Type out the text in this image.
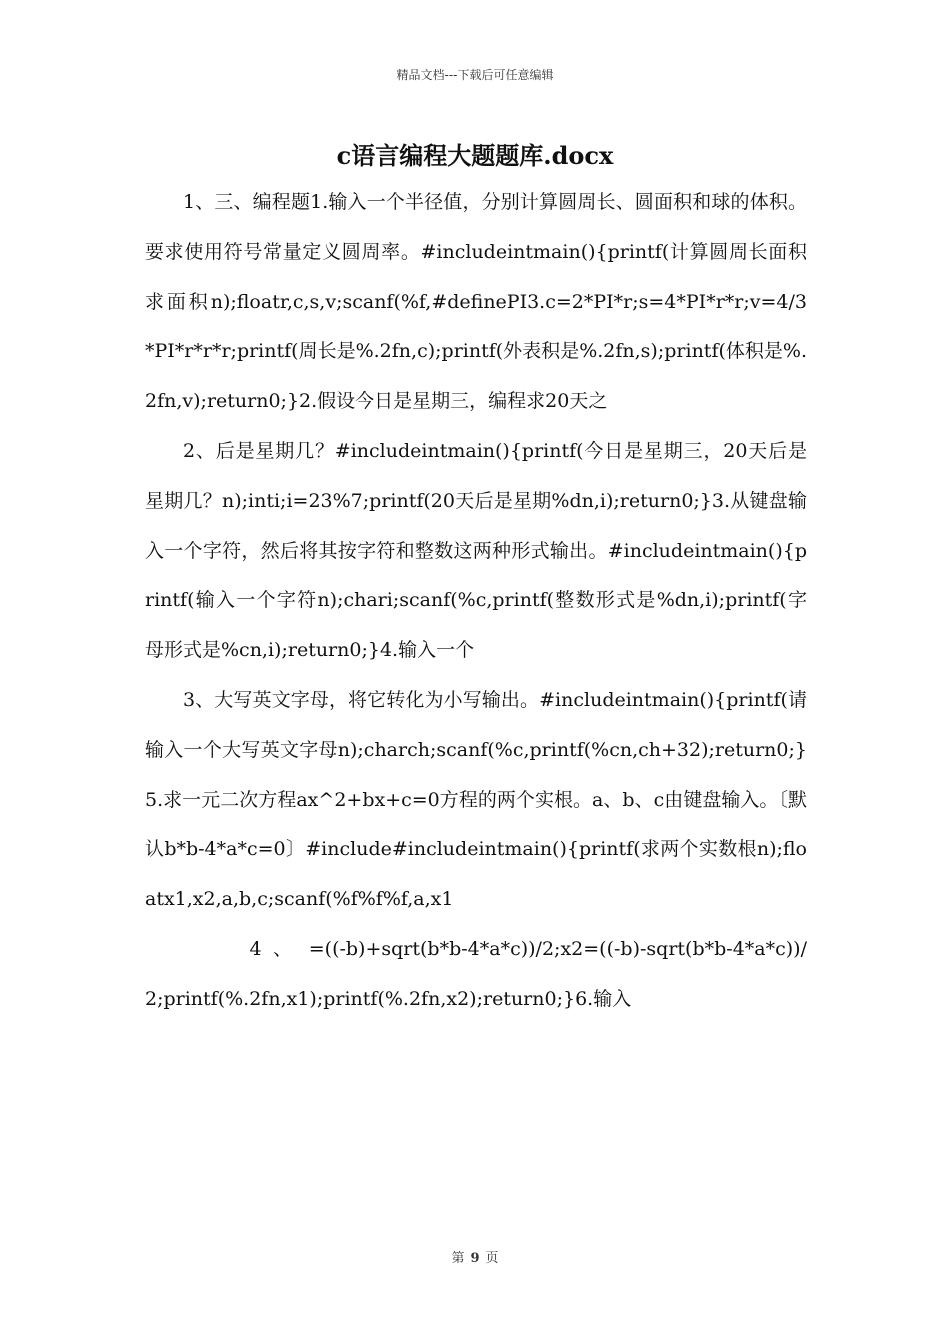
精品文档---下载后可任意编辑
c语言编程大题题库.docx

1、三、编程题1.输入一个半径值，分别计算圆周长、圆面积和球的体积。要求使用符号常量定义圆周率。#includeintmain(){printf(计算圆周长面积求面积n);floatr,c,s,v;scanf(%f,#definePI3.c=2*PI*r;s=4*PI*r*r;v=4/3*PI*r*r*r;printf(周长是%.2fn,c);printf(外表积是%.2fn,s);printf(体积是%.2fn,v);return0;}2.假设今日是星期三，编程求20天之

2、后是星期几？#includeintmain(){printf(今日是星期三，20天后是星期几？n);inti;i=23%7;printf(20天后是星期%dn,i);return0;}3.从键盘输入一个字符，然后将其按字符和整数这两种形式输出。#includeintmain(){printf(输入一个字符n);chari;scanf(%c,printf(整数形式是%dn,i);printf(字母形式是%cn,i);return0;}4.输入一个

3、大写英文字母，将它转化为小写输出。#includeintmain(){printf(请输入一个大写英文字母n);charch;scanf(%c,printf(%cn,ch+32);return0;}5.求一元二次方程ax^2+bx+c=0方程的两个实根。a、b、c由键盘输入。〔默认b*b-4*a*c=0〕#include#includeintmain(){printf(求两个实数根n);floatx1,x2,a,b,c;scanf(%f%f%f,a,x1

4 、 =((-b)+sqrt(b*b-4*a*c))/2;x2=((-b)-sqrt(b*b-4*a*c))/2;printf(%.2fn,x1);printf(%.2fn,x2);return0;}6.输入

第 9 页
